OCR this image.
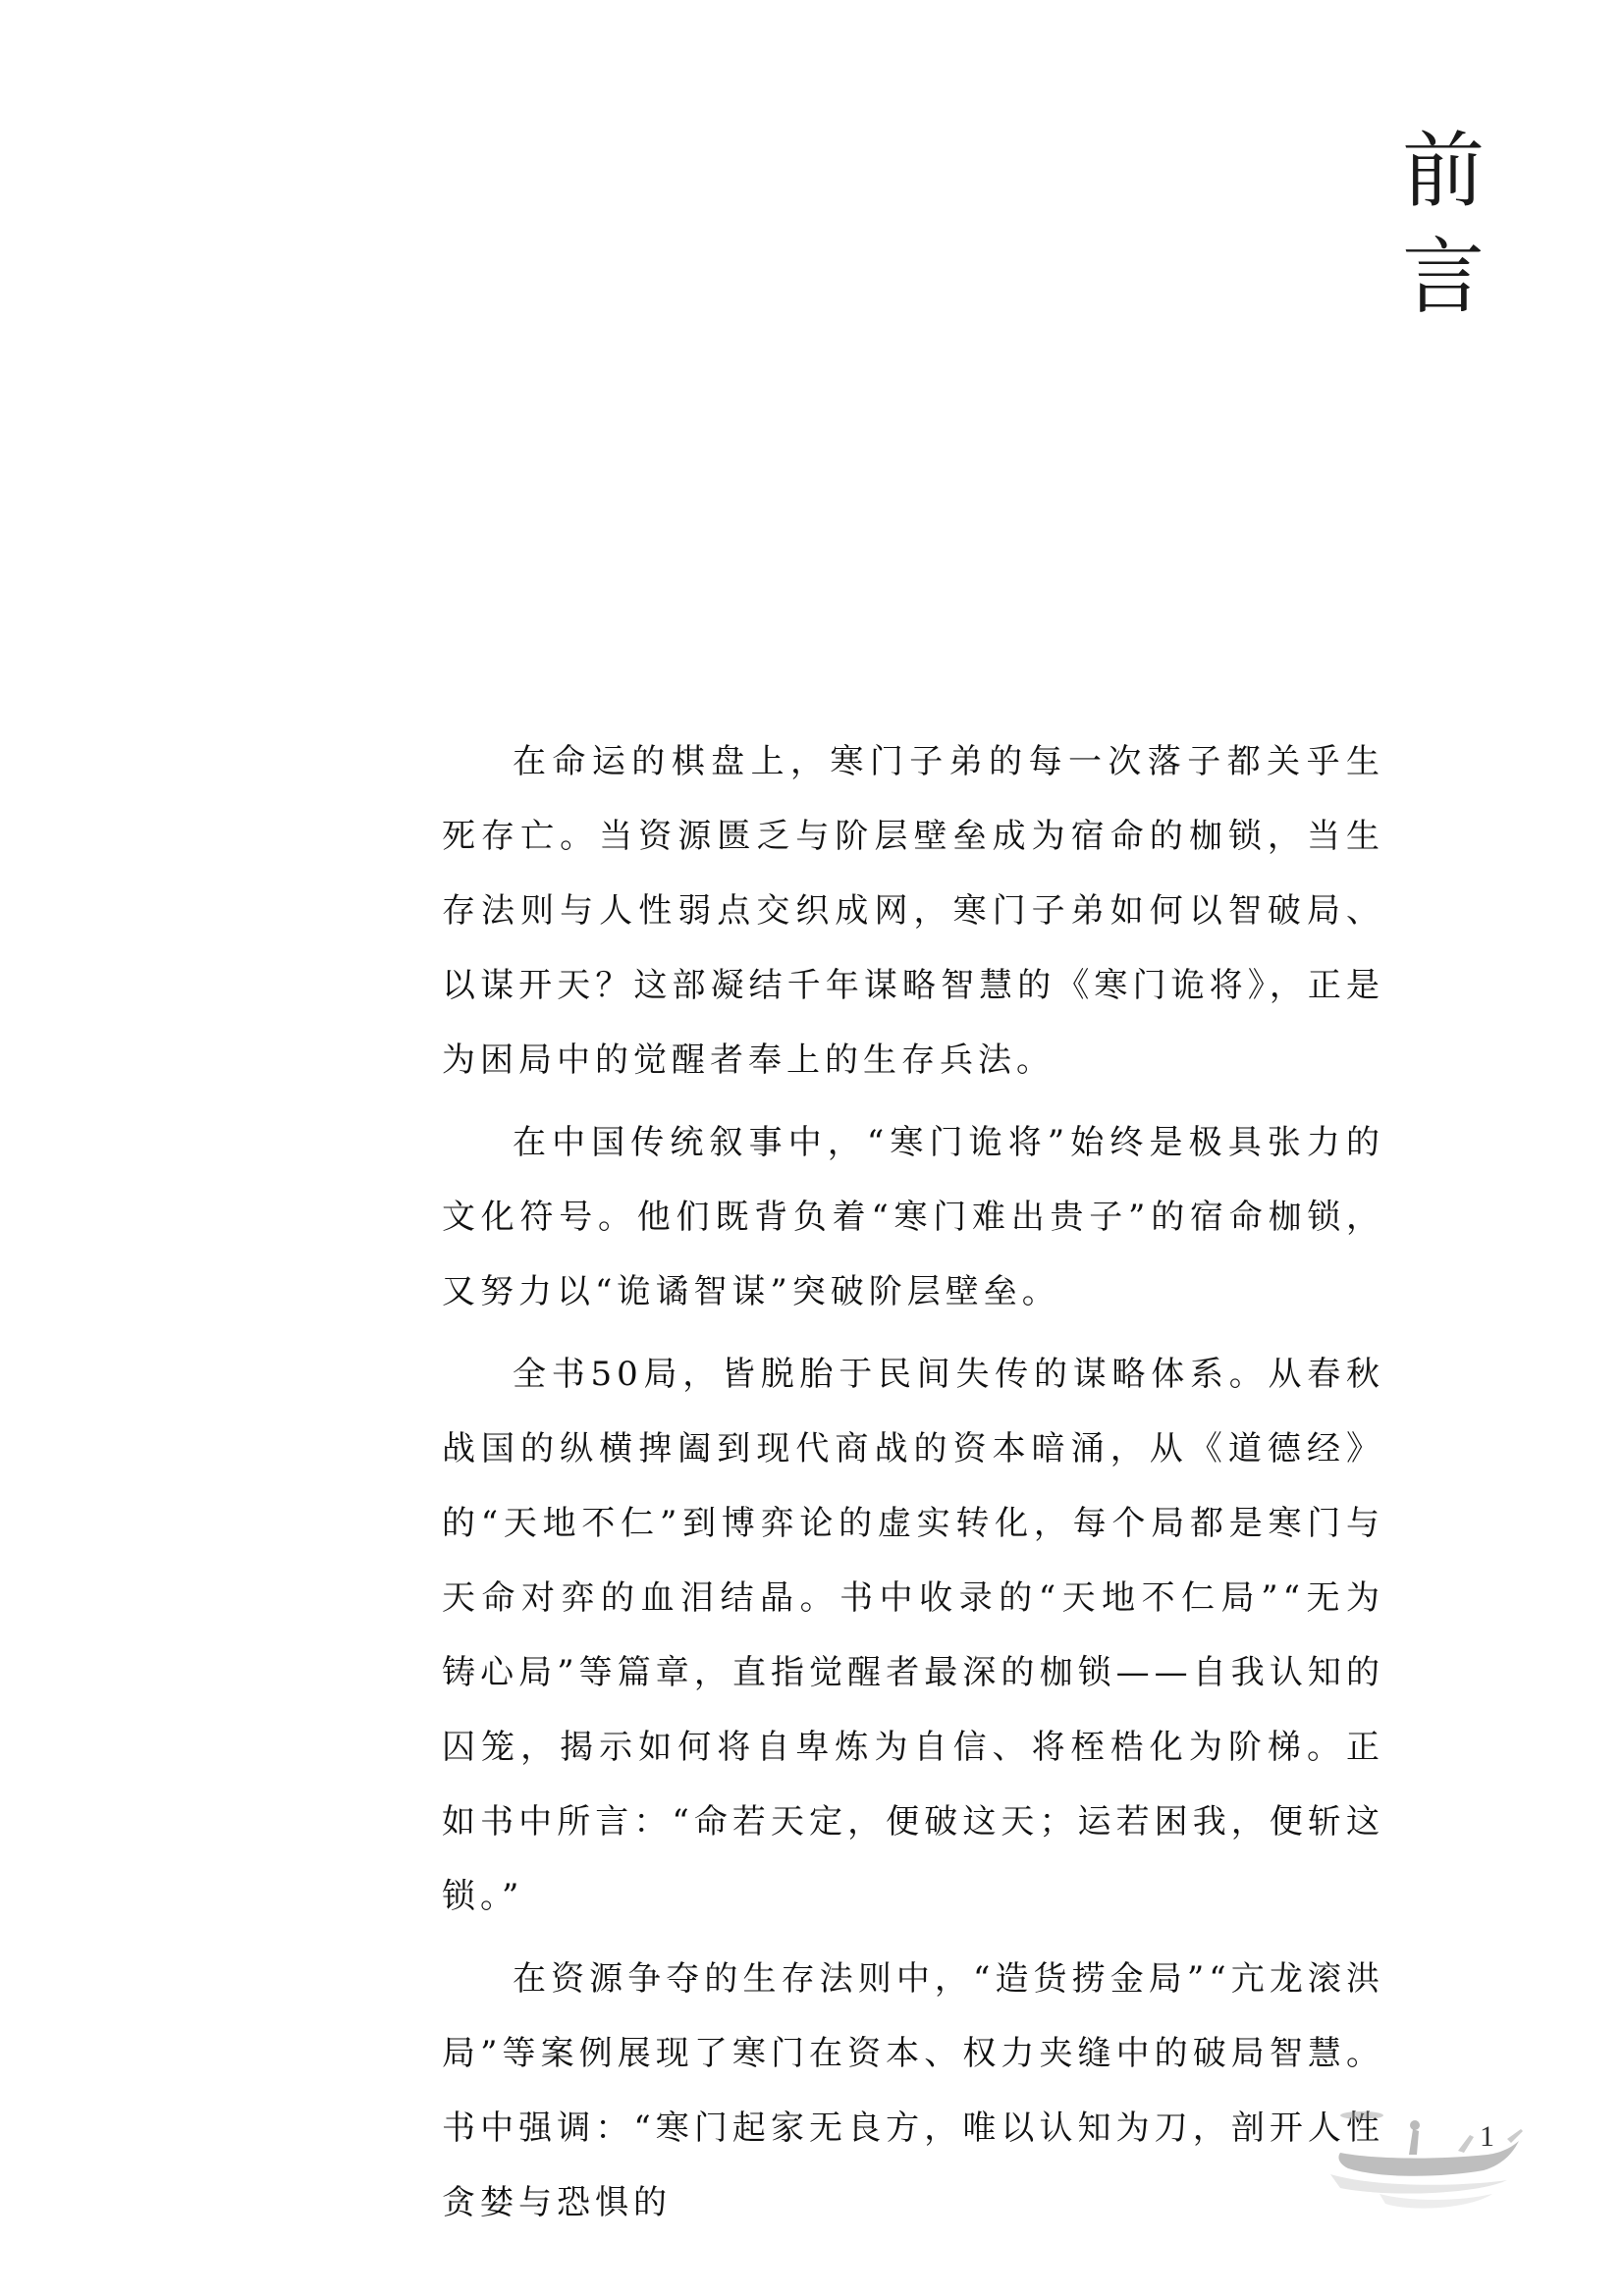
前
言

在命运的棋盘上，寒门子弟的每一次落子都关乎生死存亡。当资源匮乏与阶层壁垒成为宿命的枷锁，当生存法则与人性弱点交织成网，寒门子弟如何以智破局、以谋开天？这部凝结千年谋略智慧的《寒门诡将》，正是为困局中的觉醒者奉上的生存兵法。

在中国传统叙事中，“寒门诡将”始终是极具张力的文化符号。他们既背负着“寒门难出贵子”的宿命枷锁，又努力以“诡谲智谋”突破阶层壁垒。

全书50局，皆脱胎于民间失传的谋略体系。从春秋战国的纵横捭阖到现代商战的资本暗涌，从《道德经》的“天地不仁”到博弈论的虚实转化，每个局都是寒门与天命对弈的血泪结晶。书中收录的“天地不仁局”“无为铸心局”等篇章，直指觉醒者最深的枷锁——自我认知的囚笼，揭示如何将自卑炼为自信、将桎梏化为阶梯。正如书中所言：“命若天定，便破这天；运若困我，便斩这锁。”

在资源争夺的生存法则中，“造货捞金局”“亢龙滚洪局”等案例展现了寒门在资本、权力夹缝中的破局智慧。书中强调：“寒门起家无良方，唯以认知为刀，剖开人性贪婪与恐惧的

1
